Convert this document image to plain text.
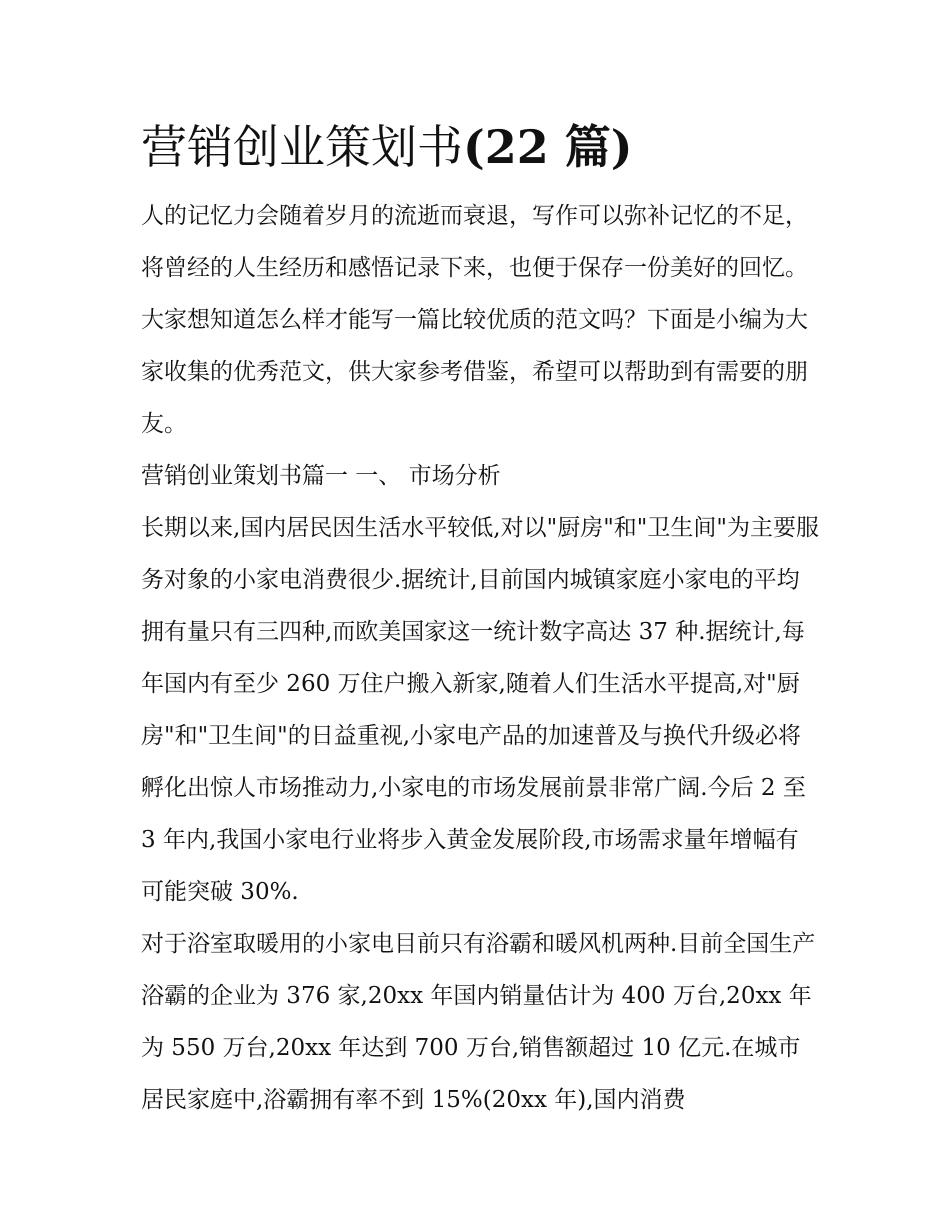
营销创业策划书(22 篇)

人的记忆力会随着岁月的流逝而衰退，写作可以弥补记忆的不足，将曾经的人生经历和感悟记录下来，也便于保存一份美好的回忆。大家想知道怎么样才能写一篇比较优质的范文吗？下面是小编为大家收集的优秀范文，供大家参考借鉴，希望可以帮助到有需要的朋友。

营销创业策划书篇一 一、 市场分析

长期以来,国内居民因生活水平较低,对以"厨房"和"卫生间"为主要服务对象的小家电消费很少.据统计,目前国内城镇家庭小家电的平均拥有量只有三四种,而欧美国家这一统计数字高达 37 种.据统计,每年国内有至少 260 万住户搬入新家,随着人们生活水平提高,对"厨房"和"卫生间"的日益重视,小家电产品的加速普及与换代升级必将孵化出惊人市场推动力,小家电的市场发展前景非常广阔.今后 2 至 3 年内,我国小家电行业将步入黄金发展阶段,市场需求量年增幅有可能突破 30%.

对于浴室取暖用的小家电目前只有浴霸和暖风机两种.目前全国生产浴霸的企业为 376 家,20xx 年国内销量估计为 400 万台,20xx 年为 550 万台,20xx 年达到 700 万台,销售额超过 10 亿元.在城市居民家庭中,浴霸拥有率不到 15%(20xx 年),国内消费
